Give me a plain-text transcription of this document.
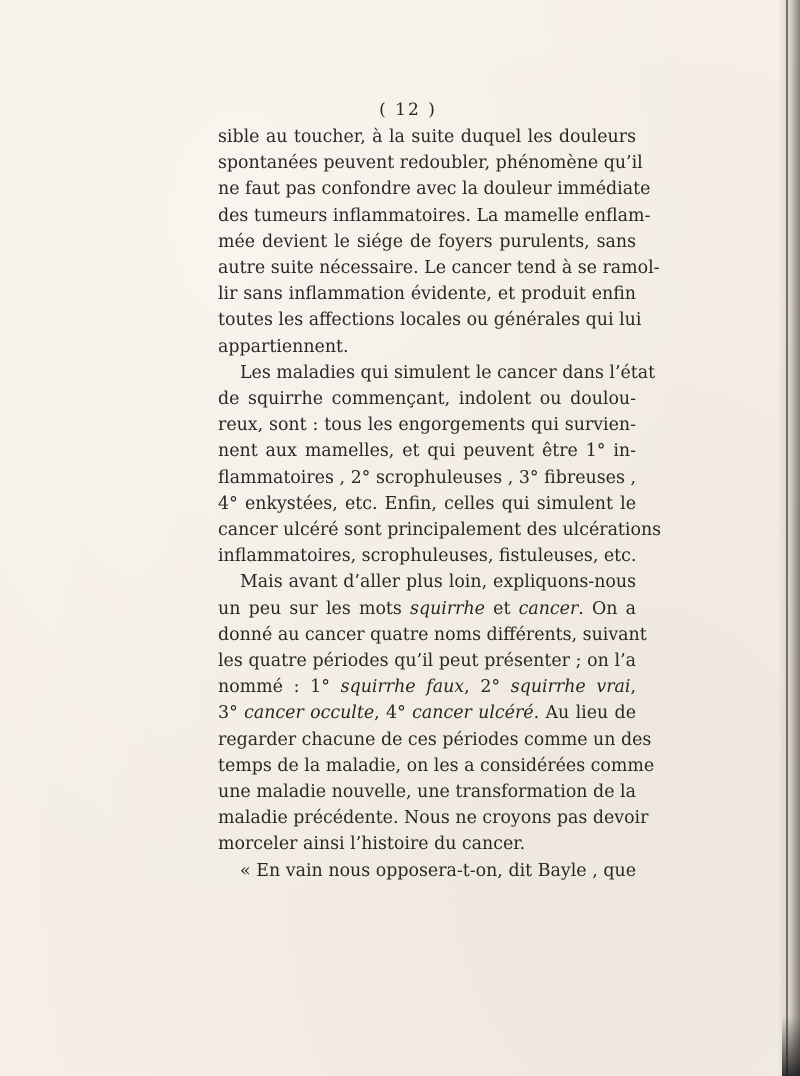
( 12 )
sible au toucher, à la suite duquel les douleurs
spontanées peuvent redoubler, phénomène qu’il
ne faut pas confondre avec la douleur immédiate
des tumeurs inflammatoires. La mamelle enflam-
mée devient le siége de foyers purulents, sans
autre suite nécessaire. Le cancer tend à se ramol-
lir sans inflammation évidente, et produit enfin
toutes les affections locales ou générales qui lui
appartiennent.
Les maladies qui simulent le cancer dans l’état
de squirrhe commençant, indolent ou doulou-
reux, sont : tous les engorgements qui survien-
nent aux mamelles, et qui peuvent être 1° in-
flammatoires , 2° scrophuleuses , 3° fibreuses ,
4° enkystées, etc. Enfin, celles qui simulent le
cancer ulcéré sont principalement des ulcérations
inflammatoires, scrophuleuses, fistuleuses, etc.
Mais avant d’aller plus loin, expliquons-nous
un peu sur les mots squirrhe et cancer. On a
donné au cancer quatre noms différents, suivant
les quatre périodes qu’il peut présenter ; on l’a
nommé : 1° squirrhe faux, 2° squirrhe vrai,
3° cancer occulte, 4° cancer ulcéré. Au lieu de
regarder chacune de ces périodes comme un des
temps de la maladie, on les a considérées comme
une maladie nouvelle, une transformation de la
maladie précédente. Nous ne croyons pas devoir
morceler ainsi l’histoire du cancer.
« En vain nous opposera-t-on, dit Bayle , que
